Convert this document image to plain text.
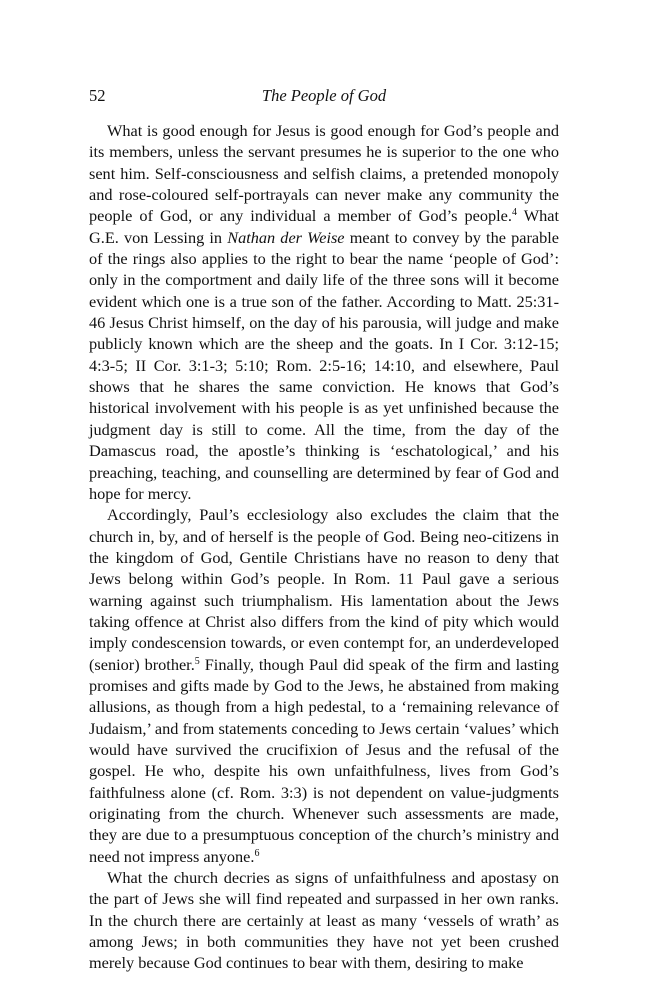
52	The People of God

What is good enough for Jesus is good enough for God’s people and its members, unless the servant presumes he is superior to the one who sent him. Self-consciousness and selfish claims, a pretended monopoly and rose-coloured self-portrayals can never make any community the people of God, or any individual a member of God’s people.$^4$ What G.E. von Lessing in Nathan der Weise meant to convey by the parable of the rings also applies to the right to bear the name ‘people of God’: only in the comportment and daily life of the three sons will it become evident which one is a true son of the father. According to Matt. 25:31-46 Jesus Christ himself, on the day of his parousia, will judge and make publicly known which are the sheep and the goats. In I Cor. 3:12-15; 4:3-5; II Cor. 3:1-3; 5:10; Rom. 2:5-16; 14:10, and elsewhere, Paul shows that he shares the same conviction. He knows that God’s historical involvement with his people is as yet unfinished because the judgment day is still to come. All the time, from the day of the Damascus road, the apostle’s thinking is ‘eschatological,’ and his preaching, teaching, and counselling are determined by fear of God and hope for mercy.

Accordingly, Paul’s ecclesiology also excludes the claim that the church in, by, and of herself is the people of God. Being neo-citizens in the kingdom of God, Gentile Christians have no reason to deny that Jews belong within God’s people. In Rom. 11 Paul gave a serious warning against such triumphalism. His lamentation about the Jews taking offence at Christ also differs from the kind of pity which would imply condescension towards, or even contempt for, an underdeveloped (senior) brother.$^5$ Finally, though Paul did speak of the firm and lasting promises and gifts made by God to the Jews, he abstained from making allusions, as though from a high pedestal, to a ‘remaining relevance of Judaism,’ and from statements conceding to Jews certain ‘values’ which would have survived the crucifixion of Jesus and the refusal of the gospel. He who, despite his own unfaithfulness, lives from God’s faithfulness alone (cf. Rom. 3:3) is not dependent on value-judgments originating from the church. Whenever such assessments are made, they are due to a presumptuous conception of the church’s ministry and need not impress anyone.$^6$

What the church decries as signs of unfaithfulness and apostasy on the part of Jews she will find repeated and surpassed in her own ranks. In the church there are certainly at least as many ‘vessels of wrath’ as among Jews; in both communities they have not yet been crushed merely because God continues to bear with them, desiring to make
